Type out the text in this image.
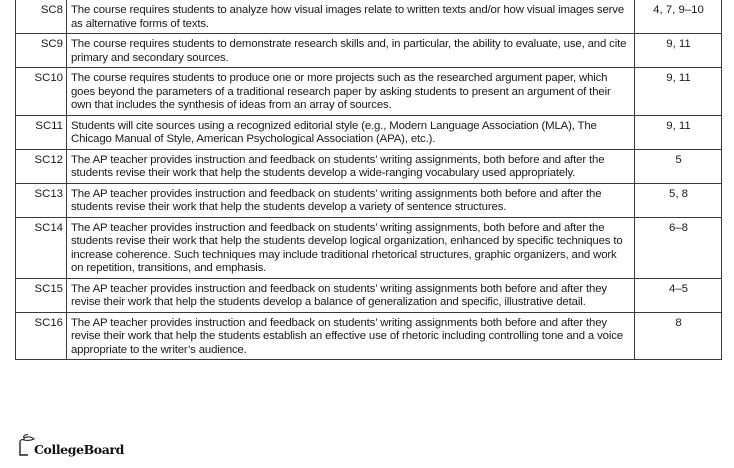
SC8	The course requires students to analyze how visual images relate to written texts and/or how visual images serve as alternative forms of texts.	4, 7, 9–10
SC9	The course requires students to demonstrate research skills and, in particular, the ability to evaluate, use, and cite primary and secondary sources.	9, 11
SC10	The course requires students to produce one or more projects such as the researched argument paper, which goes beyond the parameters of a traditional research paper by asking students to present an argument of their own that includes the synthesis of ideas from an array of sources.	9, 11
SC11	Students will cite sources using a recognized editorial style (e.g., Modern Language Association (MLA), The Chicago Manual of Style, American Psychological Association (APA), etc.).	9, 11
SC12	The AP teacher provides instruction and feedback on students’ writing assignments, both before and after the students revise their work that help the students develop a wide-ranging vocabulary used appropriately.	5
SC13	The AP teacher provides instruction and feedback on students’ writing assignments both before and after the students revise their work that help the students develop a variety of sentence structures.	5, 8
SC14	The AP teacher provides instruction and feedback on students’ writing assignments, both before and after the students revise their work that help the students develop logical organization, enhanced by specific techniques to increase coherence. Such techniques may include traditional rhetorical structures, graphic organizers, and work on repetition, transitions, and emphasis.	6–8
SC15	The AP teacher provides instruction and feedback on students’ writing assignments both before and after they revise their work that help the students develop a balance of generalization and specific, illustrative detail.	4–5
SC16	The AP teacher provides instruction and feedback on students’ writing assignments both before and after they revise their work that help the students establish an effective use of rhetoric including controlling tone and a voice appropriate to the writer’s audience.	8
CollegeBoard
